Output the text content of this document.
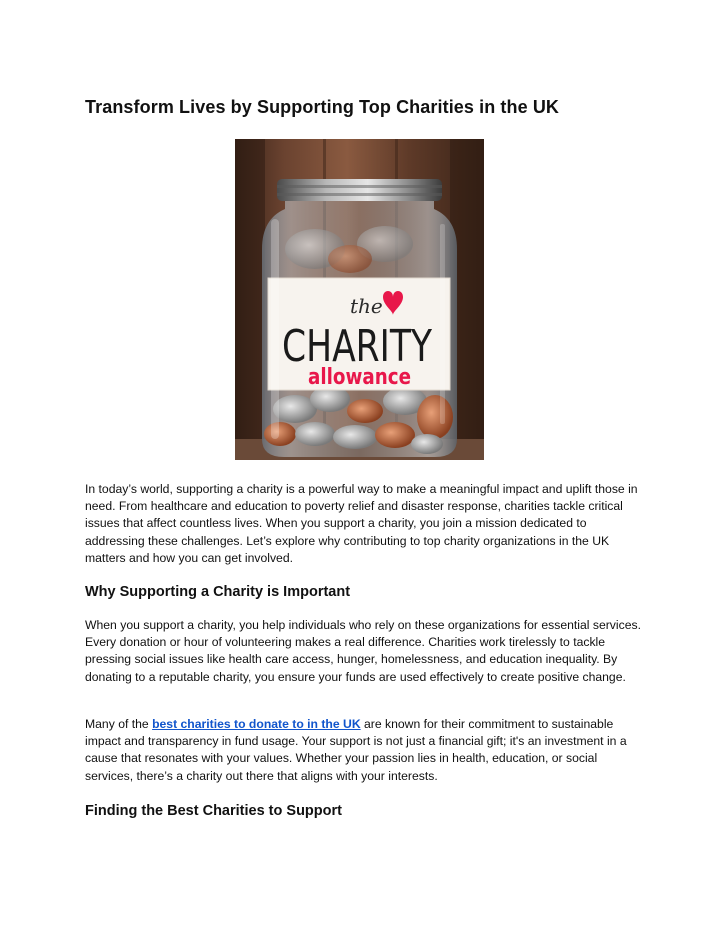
Transform Lives by Supporting Top Charities in the UK
the
CHARITY
allowance

In today’s world, supporting a charity is a powerful way to make a meaningful impact and uplift those in need. From healthcare and education to poverty relief and disaster response, charities tackle critical issues that affect countless lives. When you support a charity, you join a mission dedicated to addressing these challenges. Let’s explore why contributing to top charity organizations in the UK matters and how you can get involved.

Why Supporting a Charity is Important

When you support a charity, you help individuals who rely on these organizations for essential services. Every donation or hour of volunteering makes a real difference. Charities work tirelessly to tackle pressing social issues like health care access, hunger, homelessness, and education inequality. By donating to a reputable charity, you ensure your funds are used effectively to create positive change.

Many of the best charities to donate to in the UK are known for their commitment to sustainable impact and transparency in fund usage. Your support is not just a financial gift; it's an investment in a cause that resonates with your values. Whether your passion lies in health, education, or social services, there’s a charity out there that aligns with your interests.

Finding the Best Charities to Support
